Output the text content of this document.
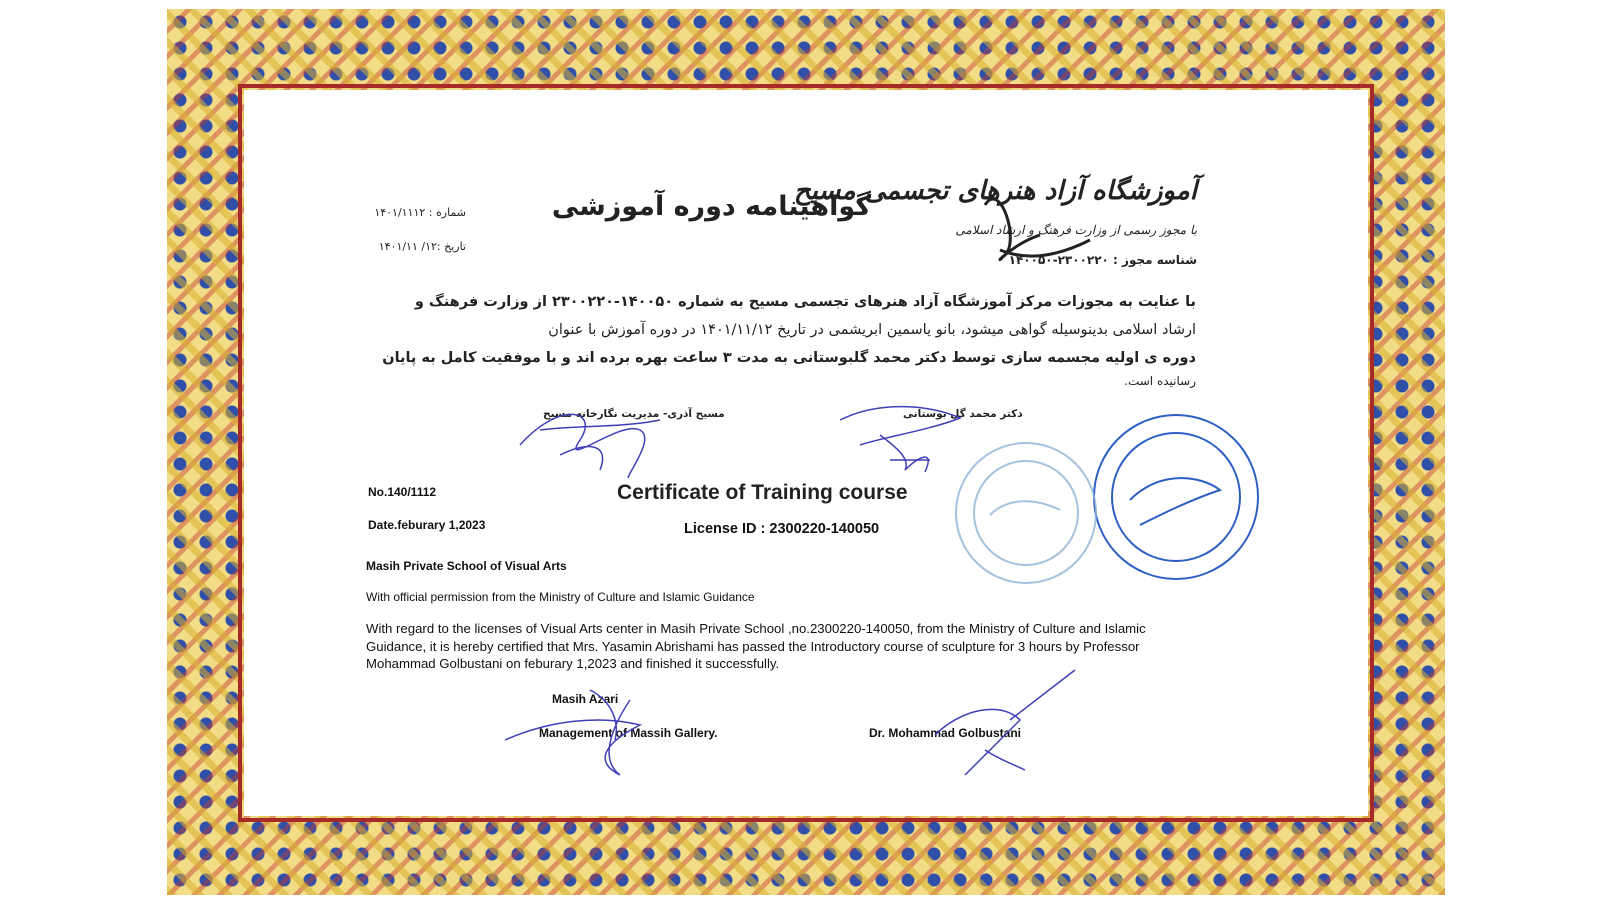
گواهینامه دوره آموزشی
شماره : ۱۴۰۱/۱۱۱۲
تاریخ :۱۲/ ۱۴۰۱/۱۱
آموزشگاه آزاد هنرهای تجسمی مسیح
با مجوز رسمی از وزارت فرهنگ و ارشاد اسلامی
شناسه مجوز : ۲۳۰۰۲۲۰-۱۴۰۰۵۰
با عنایت به مجوزات مرکز آموزشگاه آزاد هنرهای تجسمی مسیح به شماره ۱۴۰۰۵۰-۲۳۰۰۲۲۰ از وزارت فرهنگ و
ارشاد اسلامی بدینوسیله گواهی میشود، بانو یاسمین ابریشمی در تاریخ ۱۴۰۱/۱۱/۱۲ در دوره آموزش با عنوان
دوره ی اولیه مجسمه سازی توسط دکتر محمد گلبوستانی به مدت ۳ ساعت بهره برده اند و با موفقیت کامل به پایان
رسانیده است.
مسیح آذری- مدیریت نگارخانه مسیح	دکتر محمد گل بوستانی
No.140/1112
Date.feburary 1,2023
Certificate of Training course
License ID : 2300220-140050
Masih Private School of Visual Arts
With official permission from the Ministry of Culture and Islamic Guidance
With regard to the licenses of Visual Arts center in Masih Private School ,no.2300220-140050, from the Ministry of Culture and Islamic Guidance, it is hereby certified that Mrs. Yasamin Abrishami has passed the Introductory course of sculpture for 3 hours by Professor Mohammad Golbustani on feburary 1,2023 and finished it successfully.
Masih Azari
Management of Massih Gallery.	Dr. Mohammad Golbustani
